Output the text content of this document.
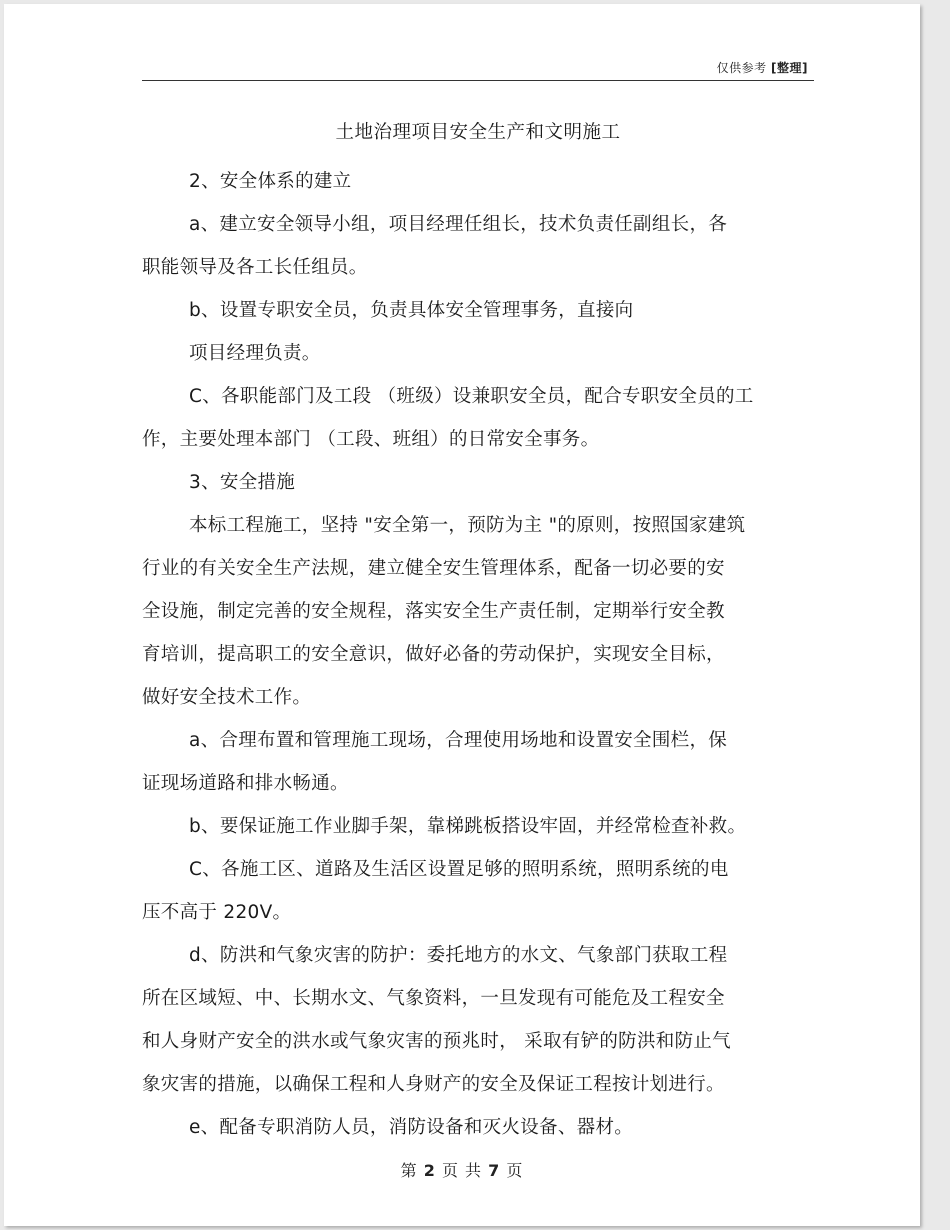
仅供参考 [整理]
土地治理项目安全生产和文明施工
2、安全体系的建立
a、建立安全领导小组，项目经理任组长，技术负责任副组长，各
职能领导及各工长任组员。
b、设置专职安全员，负责具体安全管理事务，直接向
项目经理负责。
C、各职能部门及工段 （班级）设兼职安全员，配合专职安全员的工
作，主要处理本部门 （工段、班组）的日常安全事务。
3、安全措施
本标工程施工，坚持 "安全第一，预防为主 "的原则，按照国家建筑
行业的有关安全生产法规，建立健全安生管理体系，配备一切必要的安
全设施，制定完善的安全规程，落实安全生产责任制，定期举行安全教
育培训，提高职工的安全意识，做好必备的劳动保护，实现安全目标，
做好安全技术工作。
a、合理布置和管理施工现场，合理使用场地和设置安全围栏，保
证现场道路和排水畅通。
b、要保证施工作业脚手架，靠梯跳板搭设牢固，并经常检查补救。
C、各施工区、道路及生活区设置足够的照明系统，照明系统的电
压不高于 220V。
d、防洪和气象灾害的防护：委托地方的水文、气象部门获取工程
所在区域短、中、长期水文、气象资料，一旦发现有可能危及工程安全
和人身财产安全的洪水或气象灾害的预兆时， 采取有铲的防洪和防止气
象灾害的措施，以确保工程和人身财产的安全及保证工程按计划进行。
e、配备专职消防人员，消防设备和灭火设备、器材。
第 2 页 共 7 页
